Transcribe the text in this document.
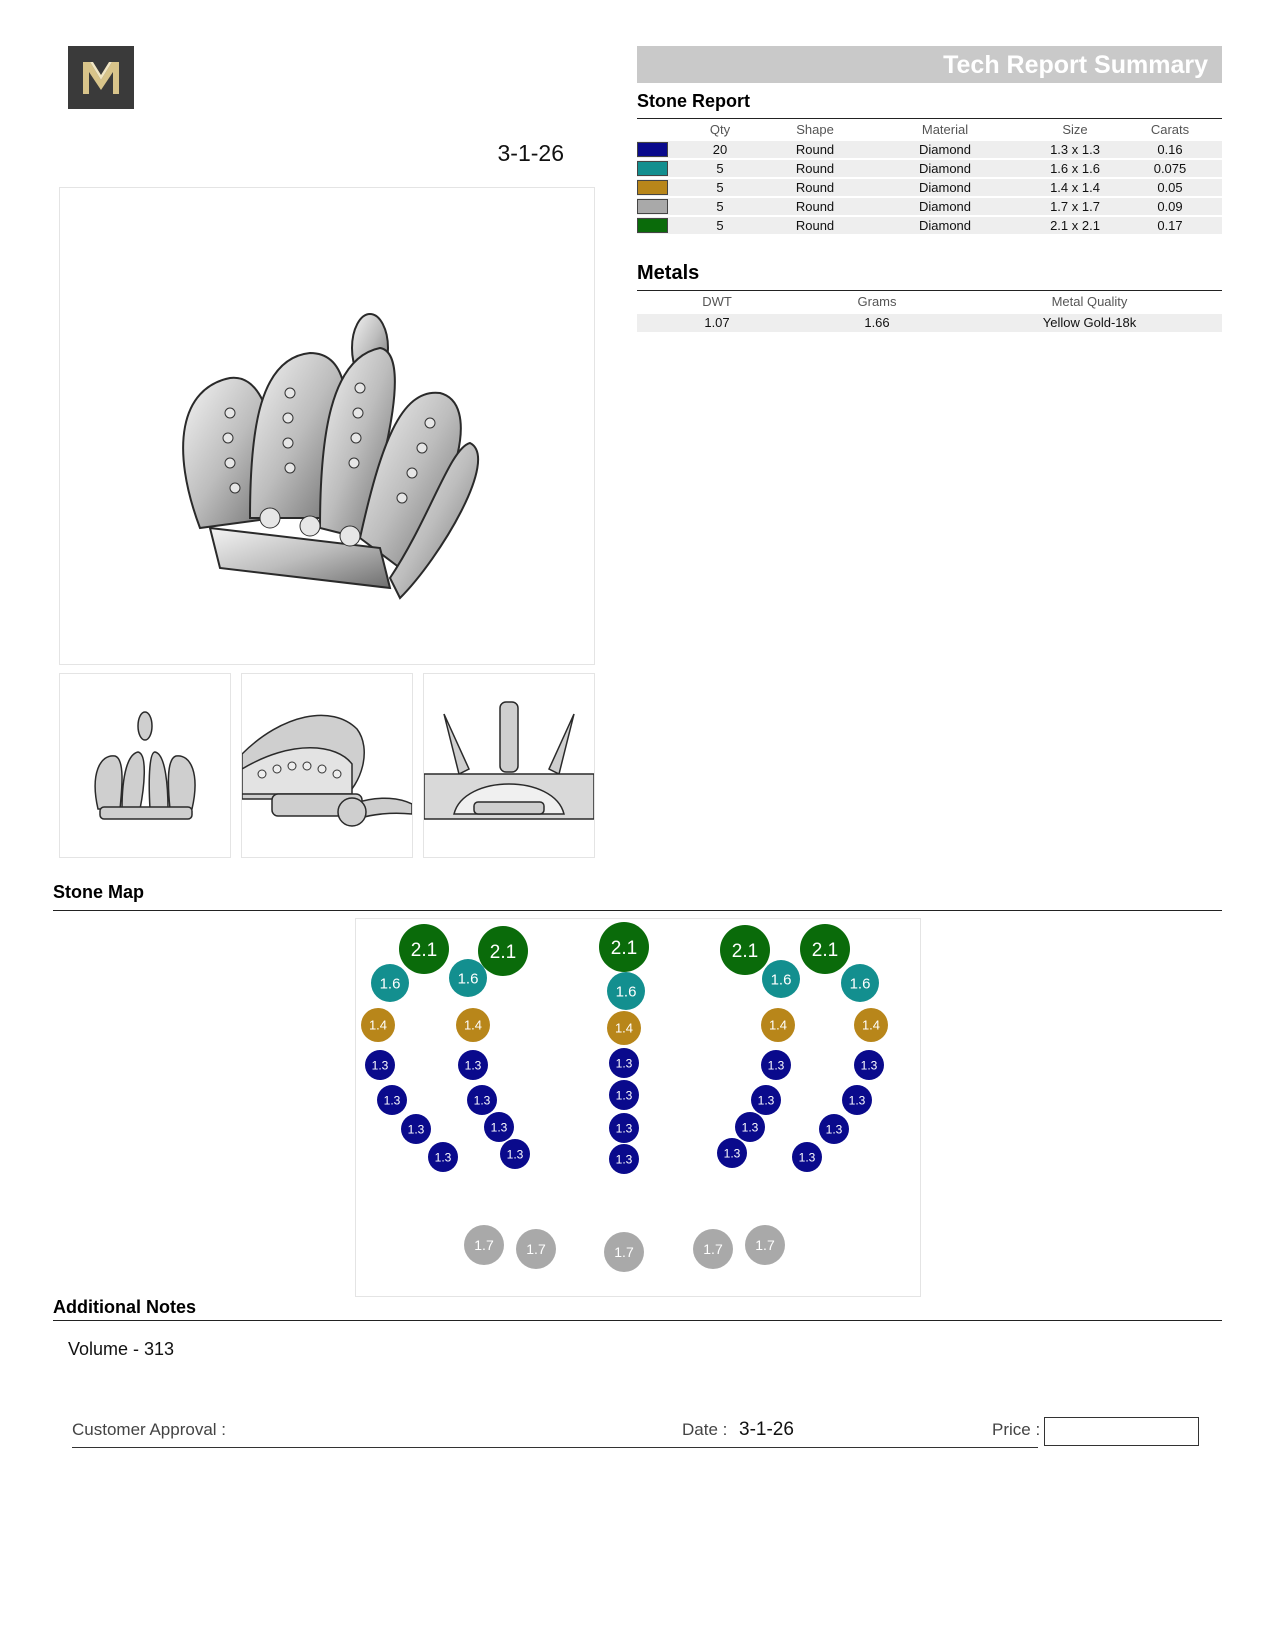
3-1-26
Tech Report Summary
Stone Report
Qty	Shape	Material	Size	Carats
20	Round	Diamond	1.3 x 1.3	0.16
5	Round	Diamond	1.6 x 1.6	0.075
5	Round	Diamond	1.4 x 1.4	0.05
5	Round	Diamond	1.7 x 1.7	0.09
5	Round	Diamond	2.1 x 2.1	0.17
Metals
DWT	Grams	Metal Quality
1.07	1.66	Yellow Gold-18k
Stone Map
2.1	2.1	2.1	2.1	2.1
1.6	1.6
1.6
1.6	1.6
1.4	1.4	1.4	1.4	1.4
1.3
1.3
1.3
1.3
1.3
1.3
1.3
1.3
1.3
1.3
1.3
1.3
1.3
1.3
1.3
1.3
1.3
1.3
1.3
1.3
1.7 1.7	1.7	1.7 1.7
Additional Notes
Volume - 313
Customer Approval :	Date : 3-1-26	Price :
